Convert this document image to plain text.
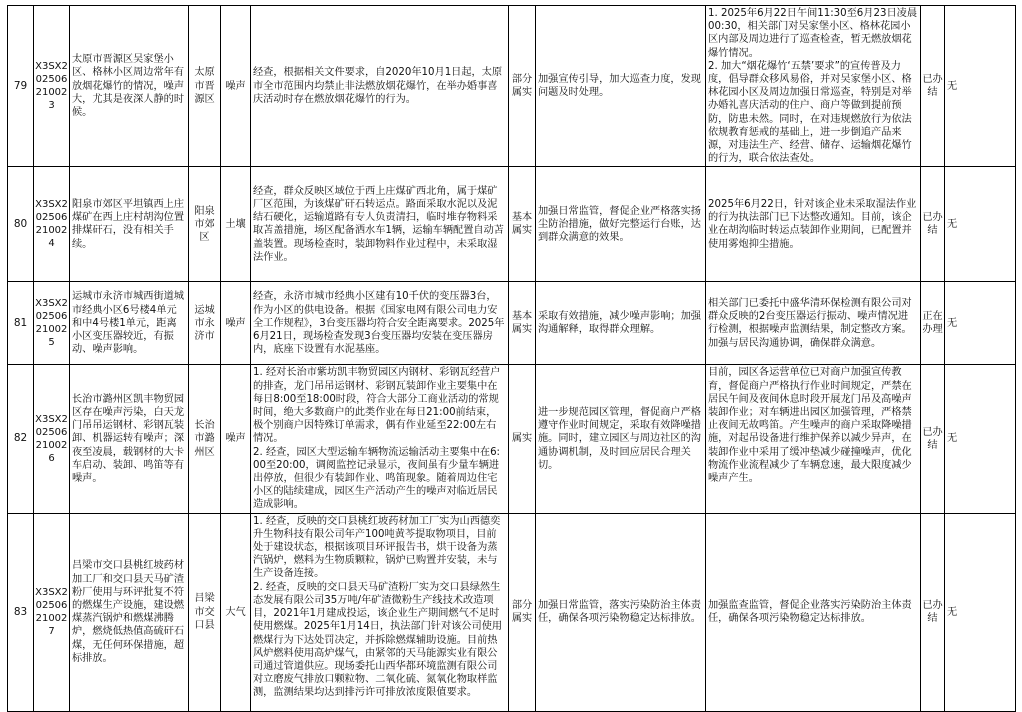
79	X3SX202506210023	太原市晋源区吴家堡小区、格林小区周边常年有放烟花爆竹的情况，噪声大，尤其是夜深人静的时候。	太原市晋源区	噪声	经查，根据相关文件要求，自2020年10月1日起，太原市全市范围内均禁止非法燃放烟花爆竹，在举办婚事喜庆活动时存在燃放烟花爆竹的行为。	部分属实	加强宣传引导，加大巡查力度，发现问题及时处理。	1. 2025年6月22日午间11:30至6月23日凌晨00:30，相关部门对吴家堡小区、格林花园小区内部及周边进行了巡查检查，暂无燃放烟花爆竹情况。
2. 加大“烟花爆竹‘五禁’要求”的宣传普及力度，倡导群众移风易俗，并对吴家堡小区、格林花园小区及周边加强日常巡查，特别是对举办婚礼喜庆活动的住户、商户等做到提前预防，防患未然。同时，在对违规燃放行为依法依规教育惩戒的基础上，进一步倒追产品来源，对违法生产、经营、储存、运输烟花爆竹的行为，联合依法查处。	已办结	无
80	X3SX202506210024	阳泉市郊区平坦镇西上庄煤矿在西上庄村胡沟位置排煤矸石，没有相关手续。	阳泉市郊区	土壤	经查，群众反映区域位于西上庄煤矿西北角，属于煤矿厂区范围，为该煤矿矸石转运点。路面采取水泥以及泥结石硬化，运输道路有专人负责清扫，临时堆存物料采取苫盖措施，场区配备洒水车1辆，运输车辆配置自动苫盖装置。现场检查时，装卸物料作业过程中，未采取湿法作业。	基本属实	加强日常监管，督促企业严格落实扬尘防治措施，做好完整运行台账，达到群众满意的效果。	2025年6月22日，针对该企业未采取湿法作业的行为执法部门已下达整改通知。目前，该企业在胡沟临时转运点装卸作业期间，已配置并使用雾炮抑尘措施。	已办结	无
81	X3SX202506210025	运城市永济市城西街道城市经典小区6号楼4单元和中4号楼1单元，距离小区变压器较近，有振动、噪声影响。	运城市永济市	噪声	经查，永济市城市经典小区建有10千伏的变压器3台，作为小区的供电设备。根据《国家电网有限公司电力安全工作规程》，3台变压器均符合安全距离要求。2025年6月21日，现场检查发现3台变压器均安装在变压器房内，底座下设置有水泥基座。	基本属实	采取有效措施，减少噪声影响；加强沟通解释，取得群众理解。	相关部门已委托中盛华清环保检测有限公司对群众反映的2台变压器运行振动、噪声情况进行检测，根据噪声监测结果，制定整改方案。加强与居民沟通协调，确保群众满意。	正在办理	无
82	X3SX202506210026	长治市潞州区凯丰物贸园区存在噪声污染，白天龙门吊吊运钢材、彩钢瓦装卸、机器运转有噪声；深夜至凌晨，载钢材的大卡车启动、装卸、鸣笛等有噪声。	长治市潞州区	噪声	1. 经对长治市紫坊凯丰物贸园区内钢材、彩钢瓦经营户的排查，龙门吊吊运钢材、彩钢瓦装卸作业主要集中在每日8:00至18:00时段，符合大部分工商业活动的常规时间，绝大多数商户的此类作业在每日21:00前结束，极个别商户因特殊订单需求，偶有作业延至22:00左右情况。
2. 经查，园区大型运输车辆物流运输活动主要集中在6:00至20:00，调阅监控记录显示，夜间虽有少量车辆进出停放，但很少有装卸作业、鸣笛现象。随着周边住宅小区的陆续建成，园区生产活动产生的噪声对临近居民造成影响。	属实	进一步规范园区管理，督促商户严格遵守作业时间规定，采取有效降噪措施。同时，建立园区与周边社区的沟通协调机制，及时回应居民合理关切。	目前，园区各运营单位已对商户加强宣传教育，督促商户严格执行作业时间规定，严禁在居民午间及夜间休息时段开展龙门吊及高噪声装卸作业；对车辆进出园区加强管理，严格禁止夜间无故鸣笛。产生噪声的商户采取降噪措施，对起吊设备进行维护保养以减少异声，在装卸作业中采用了缓冲垫减少碰撞噪声，优化物流作业流程减少了车辆怠速，最大限度减少噪声产生。	已办结	无
83	X3SX202506210027	吕梁市交口县桃红坡药材加工厂和交口县天马矿渣粉厂使用与环评批复不符的燃煤生产设施，建设燃煤蒸汽锅炉和燃煤沸腾炉，燃烧低热值高硫矸石煤，无任何环保措施，超标排放。	吕梁市交口县	大气	1. 经查，反映的交口县桃红坡药材加工厂实为山西德奕升生物科技有限公司年产100吨黄芩提取物项目，目前处于建设状态，根据该项目环评报告书，烘干设备为蒸汽锅炉，燃料为生物质颗粒，锅炉已购置并安装，未与生产设备连接。
2. 经查，反映的交口县天马矿渣粉厂实为交口县绿然生态发展有限公司35万吨/年矿渣微粉生产线技术改造项目，2021年1月建成投运，该企业生产期间燃气不足时使用燃煤。2025年1月14日，执法部门针对该公司使用燃煤行为下达处罚决定，并拆除燃煤辅助设施。目前热风炉燃料使用高炉煤气，由紧邻的天马能源实业有限公司通过管道供应。现场委托山西华都环境监测有限公司对立磨废气排放口颗粒物、二氧化硫、氮氧化物取样监测，监测结果均达到排污许可排放浓度限值要求。	部分属实	加强日常监管，落实污染防治主体责任，确保各项污染物稳定达标排放。	加强监查监管，督促企业落实污染防治主体责任，确保各项污染物稳定达标排放。	已办结	无
